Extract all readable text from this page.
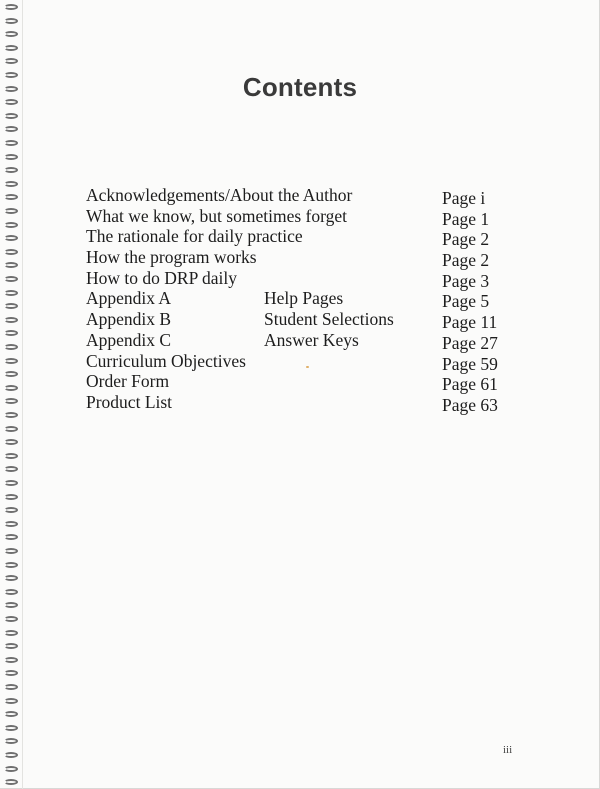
Contents
Acknowledgements/About the Author	Page i
What we know, but sometimes forget	Page 1
The rationale for daily practice	Page 2
How the program works	Page 2
How to do DRP daily	Page 3
Appendix A	Help Pages	Page 5
Appendix B	Student Selections	Page 11
Appendix C	Answer Keys	Page 27
Curriculum Objectives	Page 59
Order Form	Page 61
Product List	Page 63
iii
